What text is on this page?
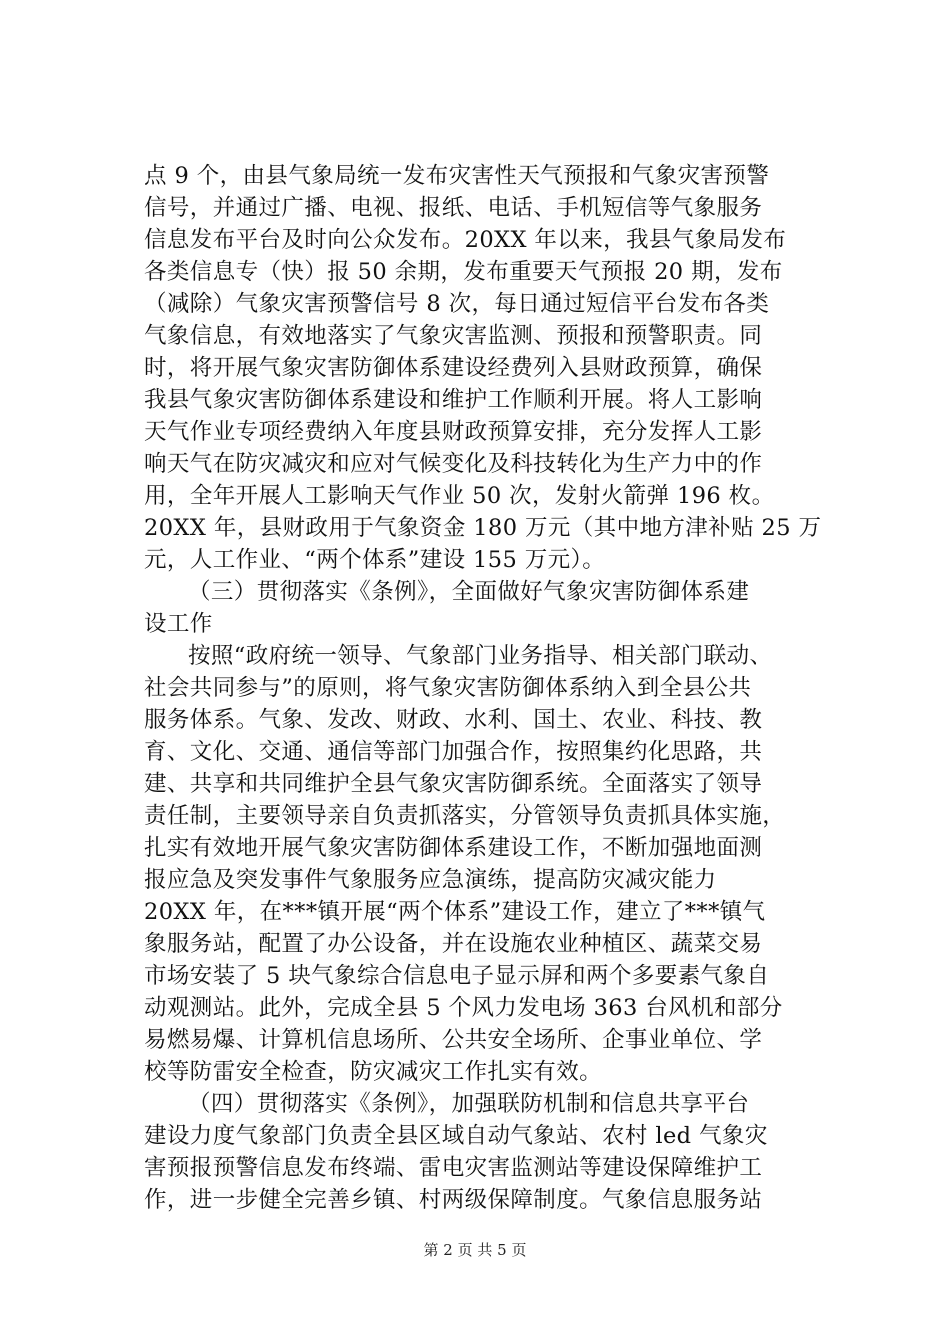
点 9 个，由县气象局统一发布灾害性天气预报和气象灾害预警
信号，并通过广播、电视、报纸、电话、手机短信等气象服务
信息发布平台及时向公众发布。20XX 年以来，我县气象局发布
各类信息专（快）报 50 余期，发布重要天气预报 20 期，发布
（减除）气象灾害预警信号 8 次，每日通过短信平台发布各类
气象信息，有效地落实了气象灾害监测、预报和预警职责。同
时，将开展气象灾害防御体系建设经费列入县财政预算，确保
我县气象灾害防御体系建设和维护工作顺利开展。将人工影响
天气作业专项经费纳入年度县财政预算安排，充分发挥人工影
响天气在防灾减灾和应对气候变化及科技转化为生产力中的作
用，全年开展人工影响天气作业 50 次，发射火箭弹 196 枚。
20XX 年，县财政用于气象资金 180 万元（其中地方津补贴 25 万
元，人工作业、“两个体系”建设 155 万元）。
（三）贯彻落实《条例》，全面做好气象灾害防御体系建
设工作
按照“政府统一领导、气象部门业务指导、相关部门联动、
社会共同参与”的原则，将气象灾害防御体系纳入到全县公共
服务体系。气象、发改、财政、水利、国土、农业、科技、教
育、文化、交通、通信等部门加强合作，按照集约化思路，共
建、共享和共同维护全县气象灾害防御系统。全面落实了领导
责任制，主要领导亲自负责抓落实，分管领导负责抓具体实施，
扎实有效地开展气象灾害防御体系建设工作，不断加强地面测
报应急及突发事件气象服务应急演练，提高防灾减灾能力
20XX 年，在***镇开展“两个体系”建设工作，建立了***镇气
象服务站，配置了办公设备，并在设施农业种植区、蔬菜交易
市场安装了 5 块气象综合信息电子显示屏和两个多要素气象自
动观测站。此外，完成全县 5 个风力发电场 363 台风机和部分
易燃易爆、计算机信息场所、公共安全场所、企事业单位、学
校等防雷安全检查，防灾减灾工作扎实有效。
（四）贯彻落实《条例》，加强联防机制和信息共享平台
建设力度气象部门负责全县区域自动气象站、农村 led 气象灾
害预报预警信息发布终端、雷电灾害监测站等建设保障维护工
作，进一步健全完善乡镇、村两级保障制度。气象信息服务站
第 2 页 共 5 页
